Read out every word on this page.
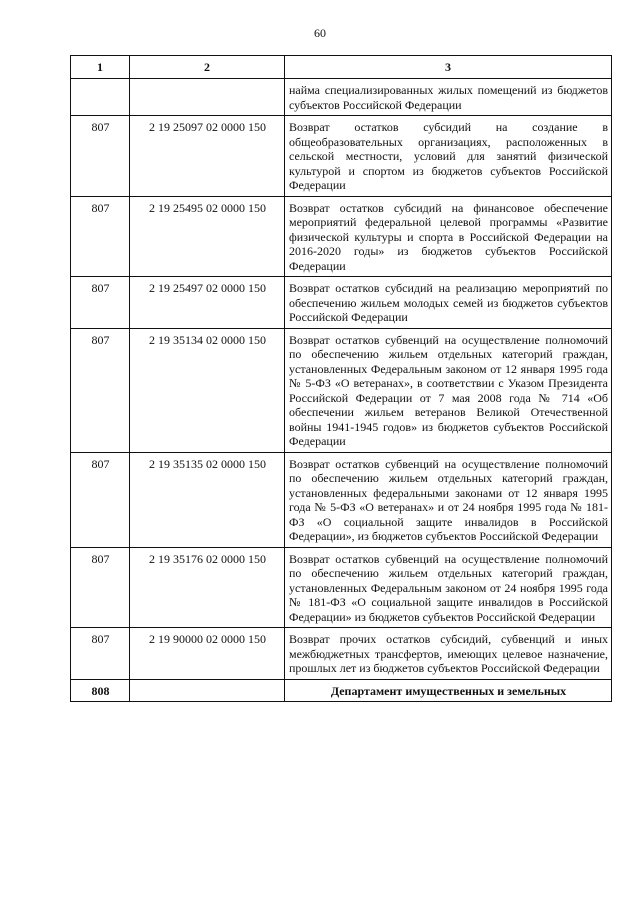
60
1	2	3
		найма специализированных жилых помещений из бюджетов субъектов Российской Федерации
807	2 19 25097 02 0000 150	Возврат остатков субсидий на создание в общеобразовательных организациях, расположенных в сельской местности, условий для занятий физической культурой и спортом из бюджетов субъектов Российской Федерации
807	2 19 25495 02 0000 150	Возврат остатков субсидий на финансовое обеспечение мероприятий федеральной целевой программы «Развитие физической культуры и спорта в Российской Федерации на 2016-2020 годы» из бюджетов субъектов Российской Федерации
807	2 19 25497 02 0000 150	Возврат остатков субсидий на реализацию мероприятий по обеспечению жильем молодых семей из бюджетов субъектов Российской Федерации
807	2 19 35134 02 0000 150	Возврат остатков субвенций на осуществление полномочий по обеспечению жильем отдельных категорий граждан, установленных Федеральным законом от 12 января 1995 года № 5-ФЗ «О ветеранах», в соответствии с Указом Президента Российской Федерации от 7 мая 2008 года № 714 «Об обеспечении жильем ветеранов Великой Отечественной войны 1941-1945 годов» из бюджетов субъектов Российской Федерации
807	2 19 35135 02 0000 150	Возврат остатков субвенций на осуществление полномочий по обеспечению жильем отдельных категорий граждан, установленных федеральными законами от 12 января 1995 года № 5-ФЗ «О ветеранах» и от 24 ноября 1995 года № 181-ФЗ «О социальной защите инвалидов в Российской Федерации», из бюджетов субъектов Российской Федерации
807	2 19 35176 02 0000 150	Возврат остатков субвенций на осуществление полномочий по обеспечению жильем отдельных категорий граждан, установленных Федеральным законом от 24 ноября 1995 года № 181-ФЗ «О социальной защите инвалидов в Российской Федерации» из бюджетов субъектов Российской Федерации
807	2 19 90000 02 0000 150	Возврат прочих остатков субсидий, субвенций и иных межбюджетных трансфертов, имеющих целевое назначение, прошлых лет из бюджетов субъектов Российской Федерации
808		Департамент имущественных и земельных
